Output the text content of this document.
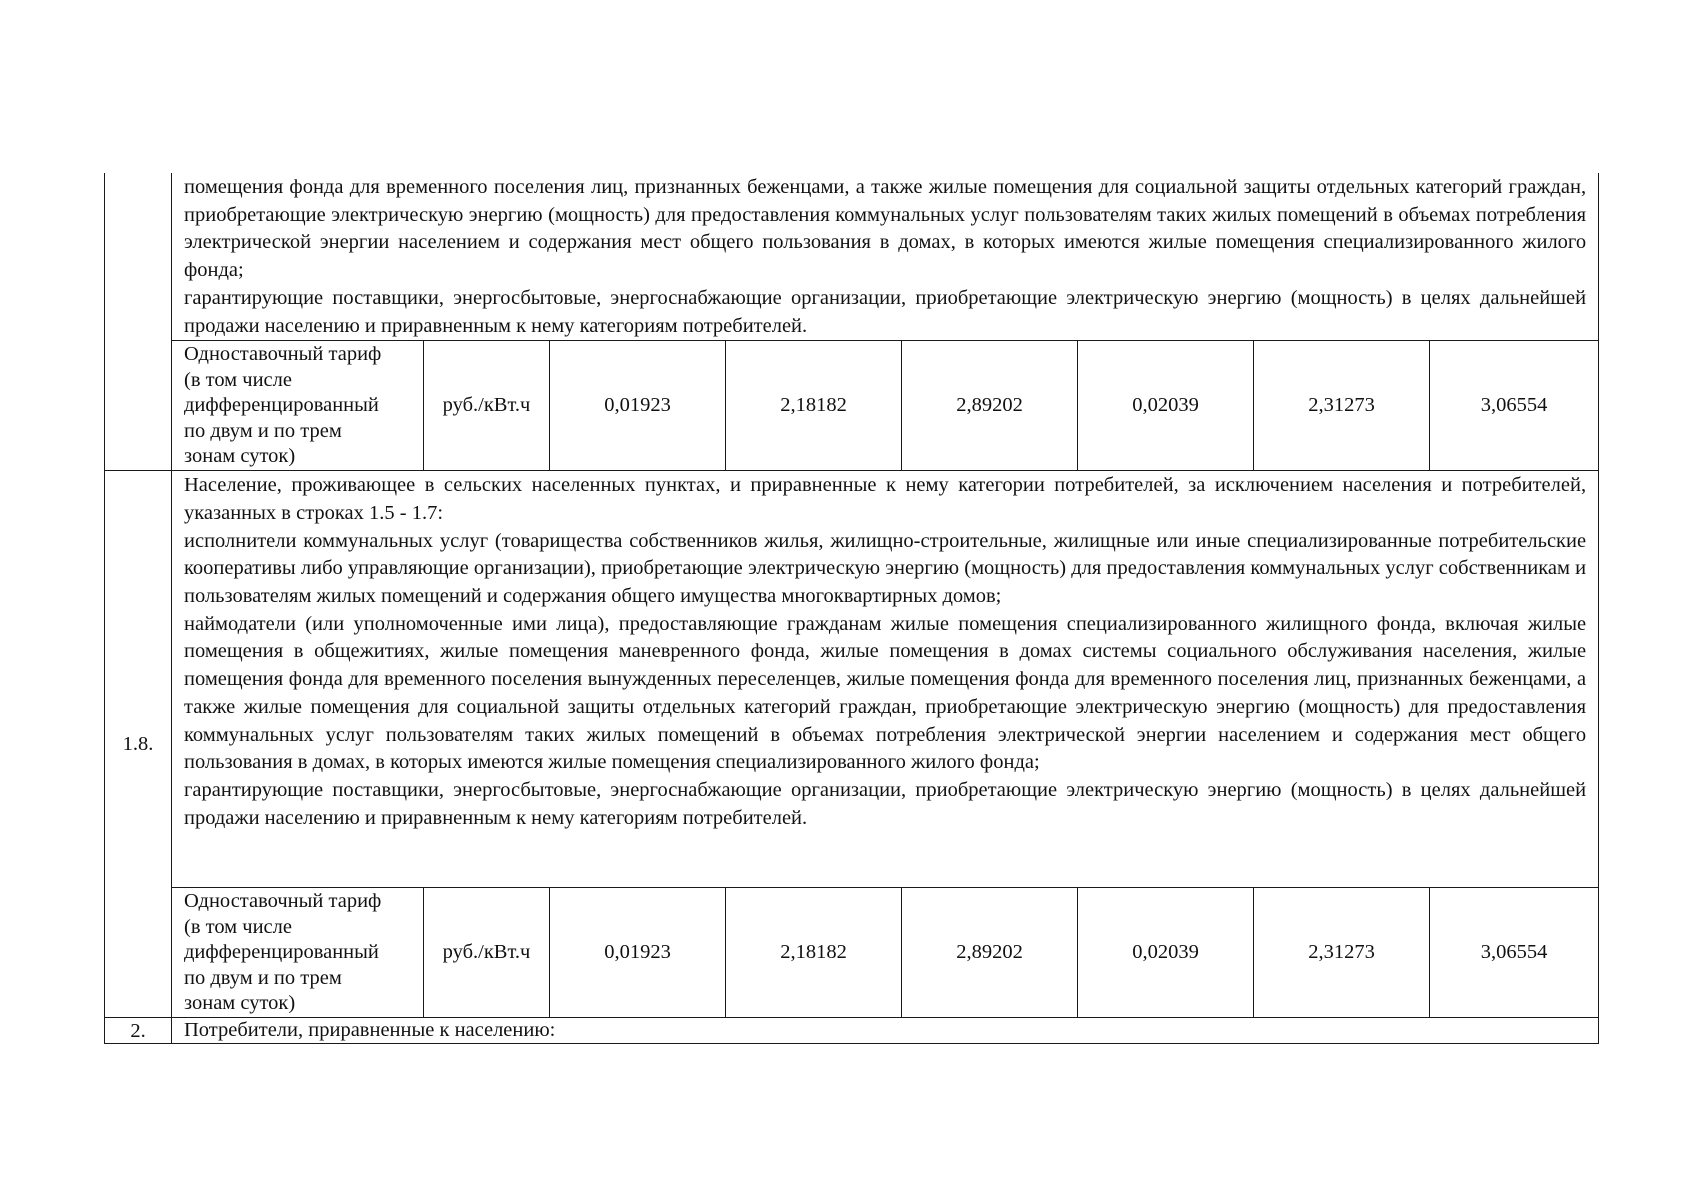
	помещения фонда для временного поселения лиц, признанных беженцами, а также жилые помещения для социальной защиты отдельных категорий граждан, приобретающие электрическую энергию (мощность) для предоставления коммунальных услуг пользователям таких жилых помещений в объемах потребления электрической энергии населением и содержания мест общего пользования в домах, в которых имеются жилые помещения специализированного жилого фонда;
гарантирующие поставщики, энергосбытовые, энергоснабжающие организации, приобретающие электрическую энергию (мощность) в целях дальнейшей продажи населению и приравненным к нему категориям потребителей.							

	Одноставочный тариф
(в том числе
дифференцированный
по двум и по трем
зонам суток)	руб./кВт.ч	0,01923	2,18182	2,89202	0,02039	2,31273	3,06554
1.8.	Население, проживающее в сельских населенных пунктах, и приравненные к нему категории потребителей, за исключением населения и потребителей, указанных в строках 1.5 - 1.7:
исполнители коммунальных услуг (товарищества собственников жилья, жилищно-строительные, жилищные или иные специализированные потребительские кооперативы либо управляющие организации), приобретающие электрическую энергию (мощность) для предоставления коммунальных услуг собственникам и пользователям жилых помещений и содержания общего имущества многоквартирных домов;
наймодатели (или уполномоченные ими лица), предоставляющие гражданам жилые помещения специализированного жилищного фонда, включая жилые помещения в общежитиях, жилые помещения маневренного фонда, жилые помещения в домах системы социального обслуживания населения, жилые помещения фонда для временного поселения вынужденных переселенцев, жилые помещения фонда для временного поселения лиц, признанных беженцами, а также жилые помещения для социальной защиты отдельных категорий граждан, приобретающие электрическую энергию (мощность) для предоставления коммунальных услуг пользователям таких жилых помещений в объемах потребления электрической энергии населением и содержания мест общего пользования в домах, в которых имеются жилые помещения специализированного жилого фонда;
гарантирующие поставщики, энергосбытовые, энергоснабжающие организации, приобретающие электрическую энергию (мощность) в целях дальнейшей продажи населению и приравненным к нему категориям потребителей.							

	Одноставочный тариф
(в том числе
дифференцированный
по двум и по трем
зонам суток)	руб./кВт.ч	0,01923	2,18182	2,89202	0,02039	2,31273	3,06554
2.	Потребители, приравненные к населению:							
